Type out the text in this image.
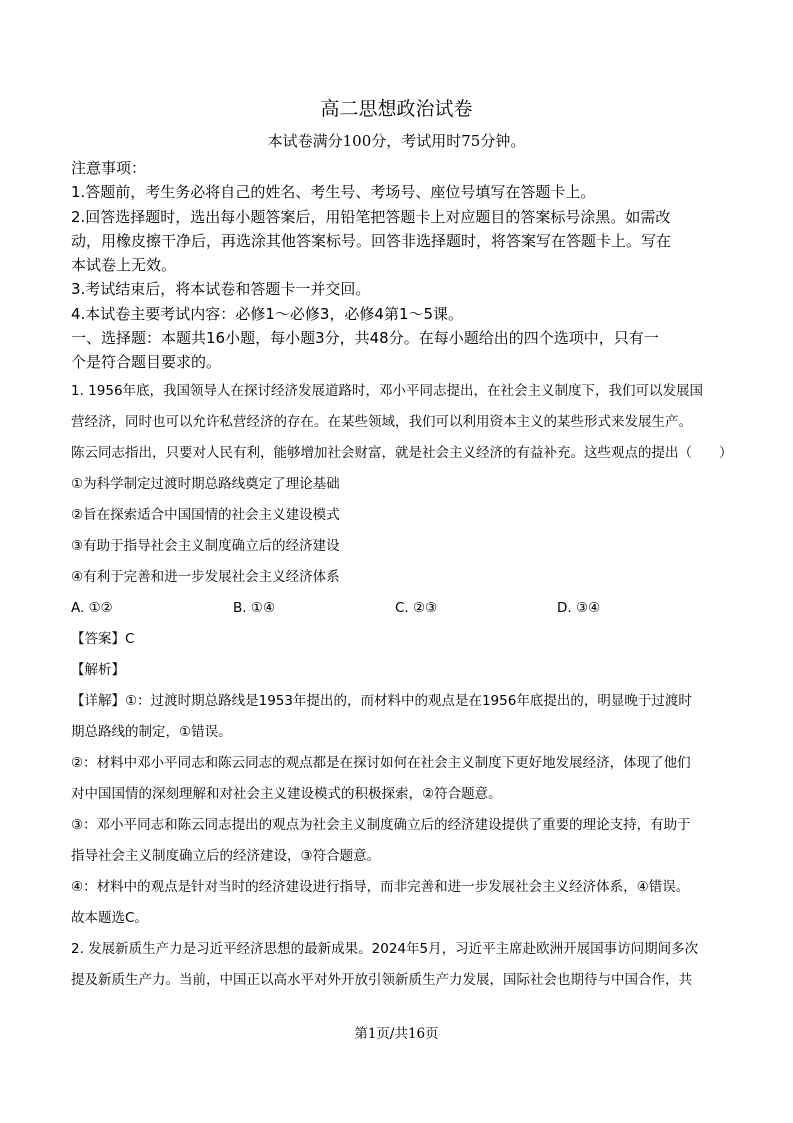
高二思想政治试卷
本试卷满分100分，考试用时75分钟。

注意事项：

1.答题前，考生务必将自己的姓名、考生号、考场号、座位号填写在答题卡上。

2.回答选择题时，选出每小题答案后，用铅笔把答题卡上对应题目的答案标号涂黑。如需改

动，用橡皮擦干净后，再选涂其他答案标号。回答非选择题时，将答案写在答题卡上。写在

本试卷上无效。

3.考试结束后，将本试卷和答题卡一并交回。

4.本试卷主要考试内容：必修1～必修3，必修4第1～5课。

一、选择题：本题共16小题，每小题3分，共48分。在每小题给出的四个选项中，只有一

个是符合题目要求的。

1. 1956年底，我国领导人在探讨经济发展道路时，邓小平同志提出，在社会主义制度下，我们可以发展国

营经济，同时也可以允许私营经济的存在。在某些领域，我们可以利用资本主义的某些形式来发展生产。

陈云同志指出，只要对人民有利，能够增加社会财富，就是社会主义经济的有益补充。这些观点的提出（　　）

①为科学制定过渡时期总路线奠定了理论基础

②旨在探索适合中国国情的社会主义建设模式

③有助于指导社会主义制度确立后的经济建设

④有利于完善和进一步发展社会主义经济体系

A. ①②	B. ①④	C. ②③	D. ③④

【答案】C

【解析】

【详解】①：过渡时期总路线是1953年提出的，而材料中的观点是在1956年底提出的，明显晚于过渡时

期总路线的制定，①错误。

②：材料中邓小平同志和陈云同志的观点都是在探讨如何在社会主义制度下更好地发展经济，体现了他们

对中国国情的深刻理解和对社会主义建设模式的积极探索，②符合题意。

③：邓小平同志和陈云同志提出的观点为社会主义制度确立后的经济建设提供了重要的理论支持，有助于

指导社会主义制度确立后的经济建设，③符合题意。

④：材料中的观点是针对当时的经济建设进行指导，而非完善和进一步发展社会主义经济体系，④错误。

故本题选C。

2. 发展新质生产力是习近平经济思想的最新成果。2024年5月，习近平主席赴欧洲开展国事访问期间多次

提及新质生产力。当前，中国正以高水平对外开放引领新质生产力发展，国际社会也期待与中国合作，共

第1页/共16页
